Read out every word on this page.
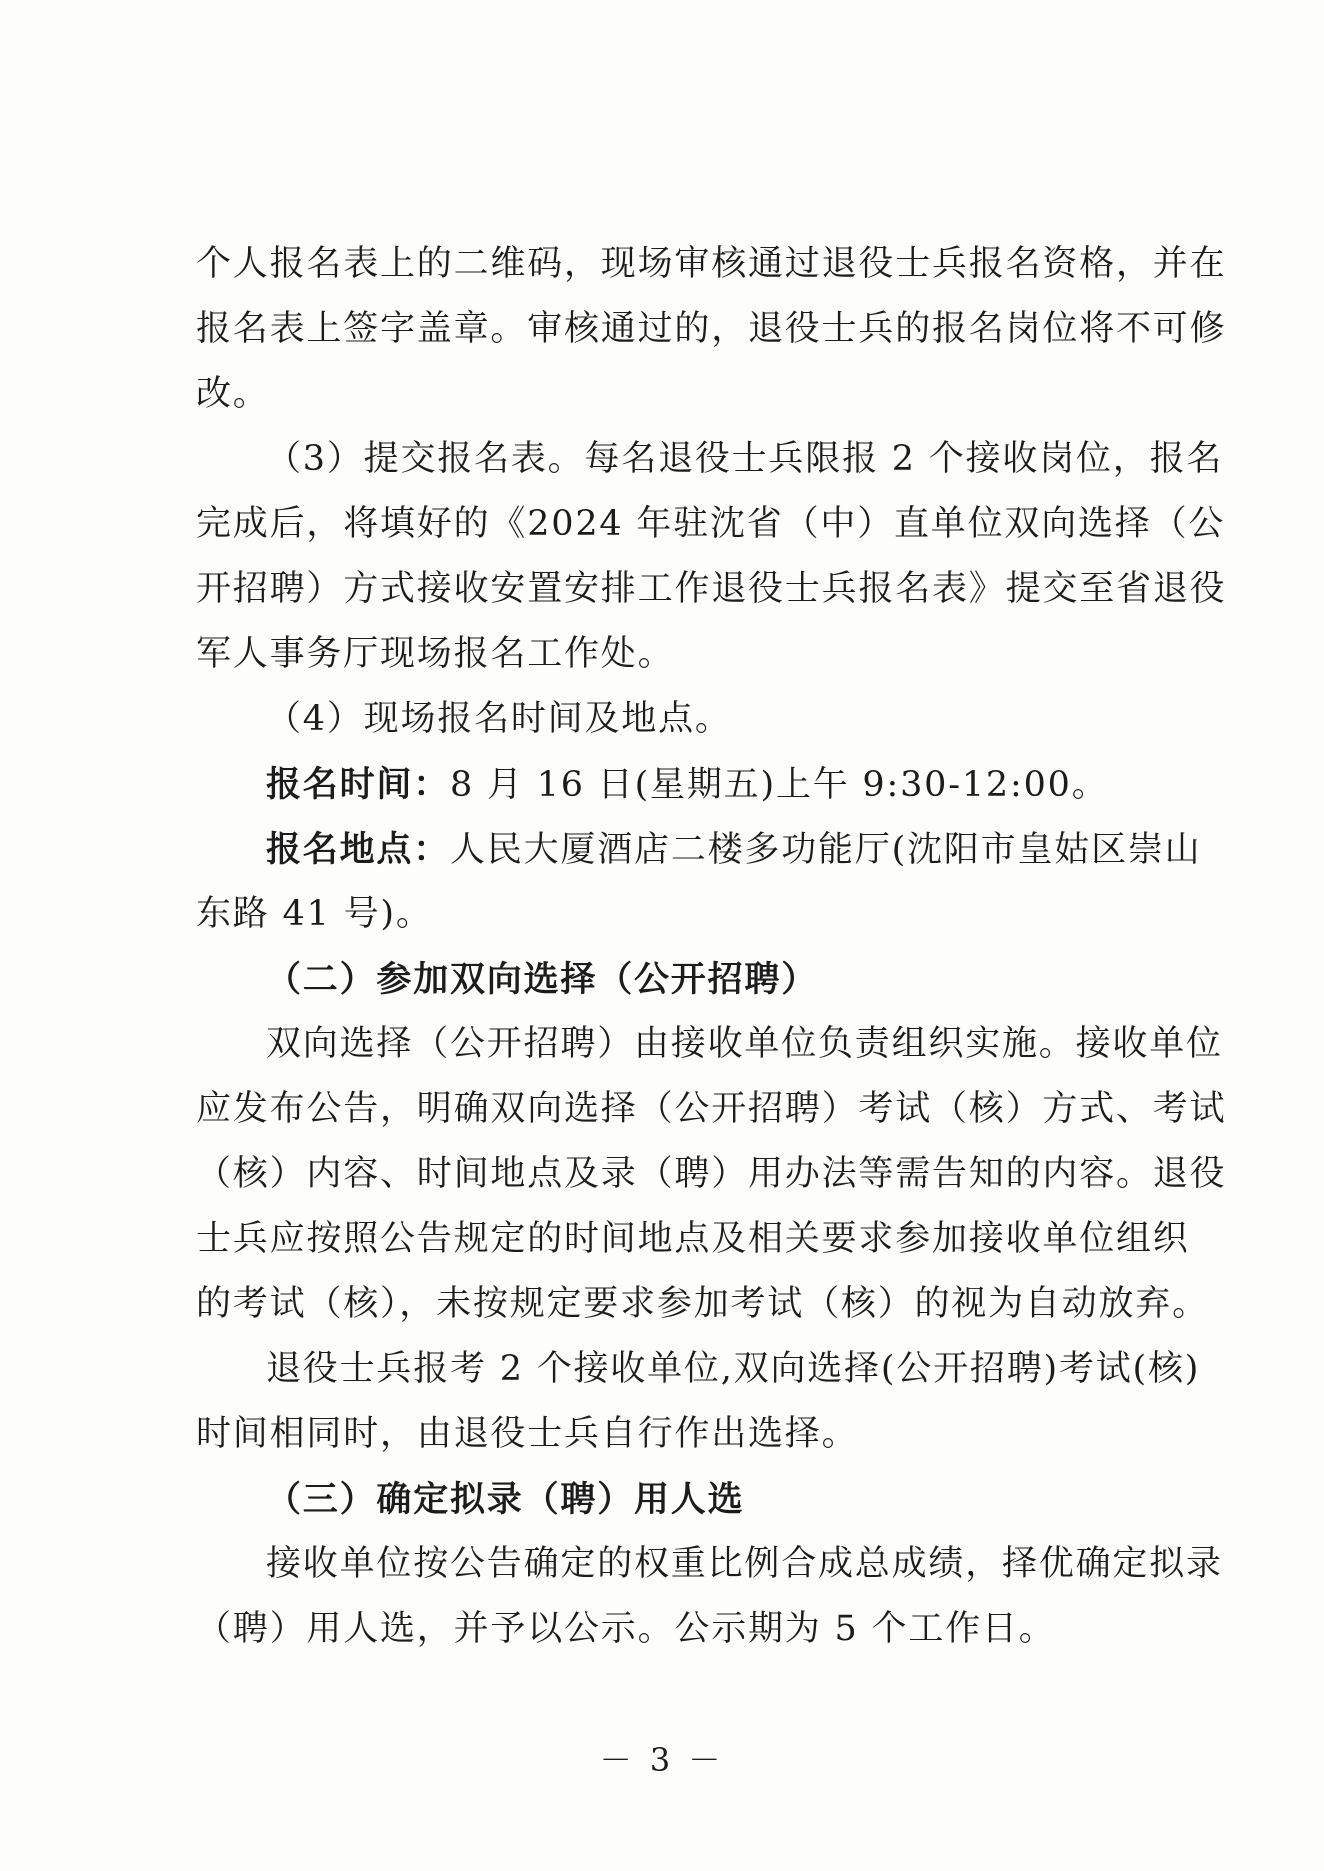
个人报名表上的二维码，现场审核通过退役士兵报名资格，并在
报名表上签字盖章。审核通过的，退役士兵的报名岗位将不可修
改。
（3）提交报名表。每名退役士兵限报 2 个接收岗位，报名
完成后，将填好的《2024 年驻沈省（中）直单位双向选择（公
开招聘）方式接收安置安排工作退役士兵报名表》提交至省退役
军人事务厅现场报名工作处。
（4）现场报名时间及地点。
报名时间：8 月 16 日(星期五)上午 9:30-12:00。
报名地点：人民大厦酒店二楼多功能厅(沈阳市皇姑区崇山
东路 41 号)。
（二）参加双向选择（公开招聘）
双向选择（公开招聘）由接收单位负责组织实施。接收单位
应发布公告，明确双向选择（公开招聘）考试（核）方式、考试
（核）内容、时间地点及录（聘）用办法等需告知的内容。退役
士兵应按照公告规定的时间地点及相关要求参加接收单位组织
的考试（核），未按规定要求参加考试（核）的视为自动放弃。
退役士兵报考 2 个接收单位,双向选择(公开招聘)考试(核)
时间相同时，由退役士兵自行作出选择。
（三）确定拟录（聘）用人选
接收单位按公告确定的权重比例合成总成绩，择优确定拟录
（聘）用人选，并予以公示。公示期为 5 个工作日。
－ 3 －
